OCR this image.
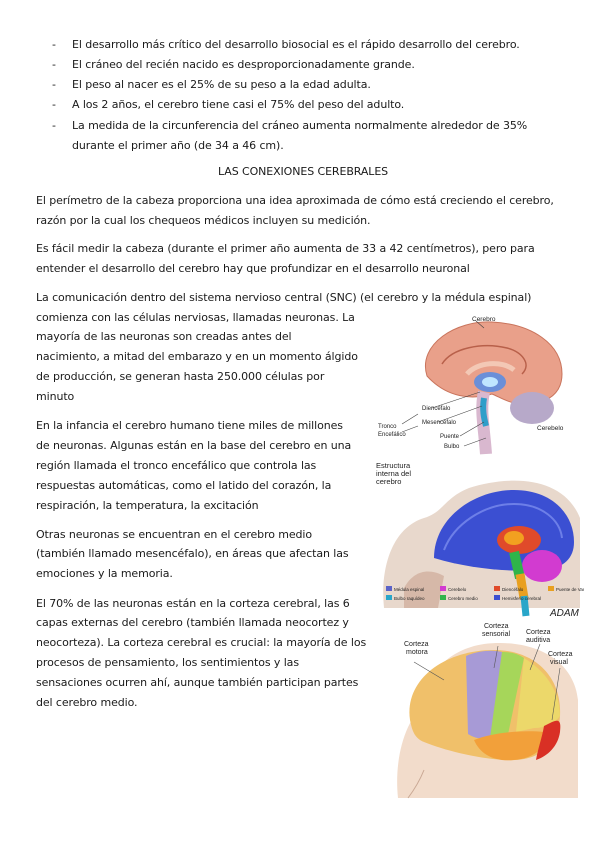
- El desarrollo más crítico del desarrollo biosocial es el rápido desarrollo del cerebro.
- El cráneo del recién nacido es desproporcionadamente grande.
- El peso al nacer es el 25% de su peso a la edad adulta.
- A los 2 años, el cerebro tiene casi el 75% del peso del adulto.
- La medida de la circunferencia del cráneo aumenta normalmente alrededor de 35%
durante el primer año (de 34 a 46 cm).
LAS CONEXIONES CEREBRALES
El perímetro de la cabeza proporciona una idea aproximada de cómo está creciendo el cerebro,
razón por la cual los chequeos médicos incluyen su medición.
Es fácil medir la cabeza (durante el primer año aumenta de 33 a 42 centímetros), pero para
entender el desarrollo del cerebro hay que profundizar en el desarrollo neuronal
La comunicación dentro del sistema nervioso central (SNC) (el cerebro y la médula espinal)
comienza con las células nerviosas, llamadas neuronas. La
mayoría de las neuronas son creadas antes del
nacimiento, a mitad del embarazo y en un momento álgido
de producción, se generan hasta 250.000 células por
minuto
En la infancia el cerebro humano tiene miles de millones
de neuronas. Algunas están en la base del cerebro en una
región llamada el tronco encefálico que controla las
respuestas automáticas, como el latido del corazón, la
respiración, la temperatura, la excitación
Otras neuronas se encuentran en el cerebro medio
(también llamado mesencéfalo), en áreas que afectan las
emociones y la memoria.
El 70% de las neuronas están en la corteza cerebral, las 6
capas externas del cerebro (también llamada neocortez y
neocorteza). La corteza cerebral es crucial: la mayoría de los
procesos de pensamiento, los sentimientos y las
sensaciones ocurren ahí, aunque también participan partes
del cerebro medio.
Cerebro
Diencéfalo
Mesencéfalo
Tronco
Encefálico	Puente
Bulbo
Cerebelo
Estructura
interna del
cerebro
Médula espinal	Cerebelo	Diencéfalo	Puente de Var
Bulbo raquídeo	Cerebro medio	Hemisferio cerebral
ADAM
Corteza
motora
Corteza
sensorial Corteza
auditiva
Corteza
visual
